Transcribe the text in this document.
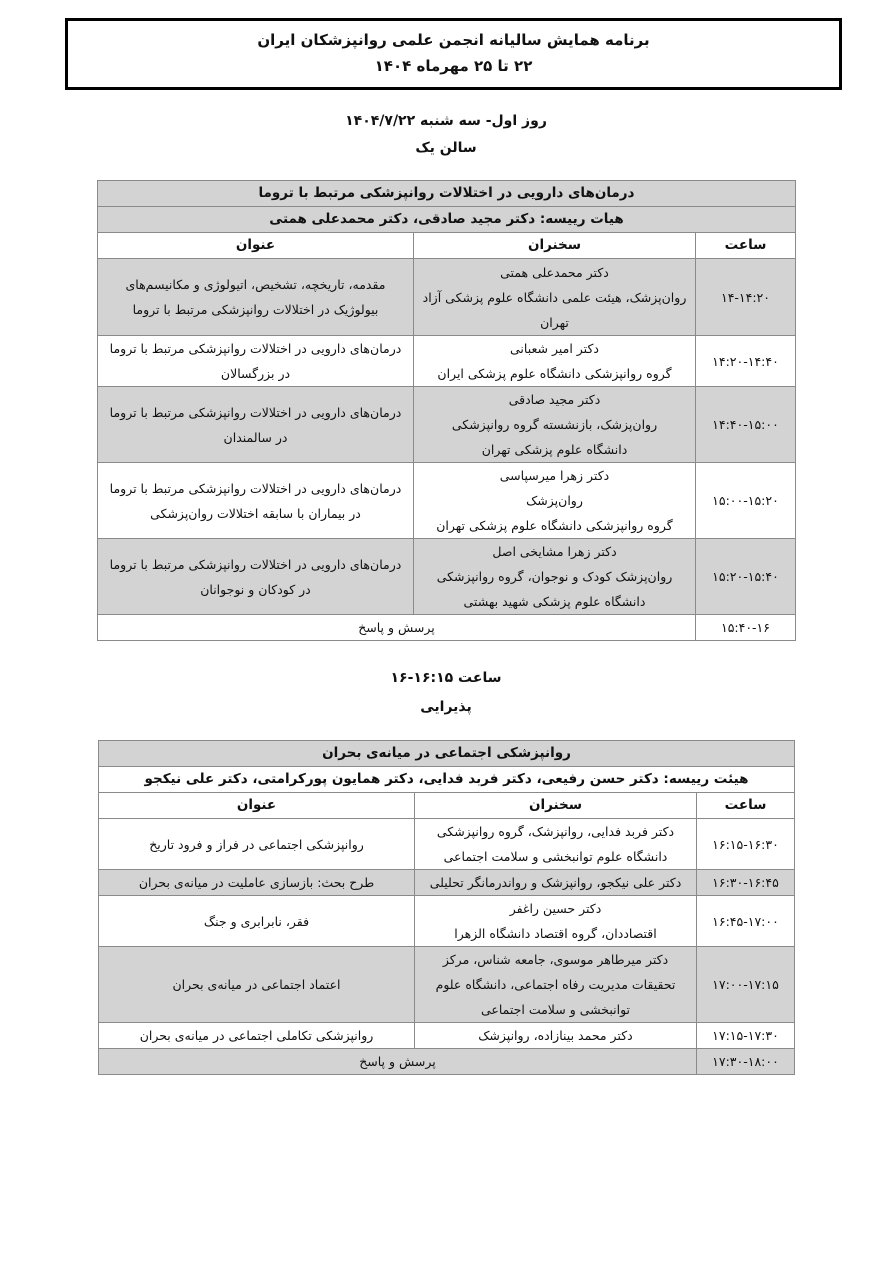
برنامه همایش سالیانه انجمن علمی روانپزشکان ایران
۲۲ تا ۲۵ مهرماه ۱۴۰۴
روز اول- سه شنبه ۱۴۰۴/۷/۲۲
سالن یک
درمان‌های دارویی در اختلالات روانپزشکی مرتبط با تروما		
هیات رییسه: دکتر مجید صادقی، دکتر محمدعلی همتی		
ساعت	سخنران	عنوان
۱۴-۱۴:۲۰	دکتر محمدعلی همتی
روان‌پزشک، هیئت علمی دانشگاه علوم پزشکی آزاد
تهران	مقدمه، تاریخچه، تشخیص، اتیولوژی و مکانیسم‌های
بیولوژیک در اختلالات روانپزشکی مرتبط با تروما

۱۴:۲۰-۱۴:۴۰	دکتر امیر شعبانی
گروه روانپزشکی دانشگاه علوم پزشکی ایران	درمان‌های دارویی در اختلالات روانپزشکی مرتبط با تروما
در بزرگسالان

۱۴:۴۰-۱۵:۰۰	دکتر مجید صادقی
روان‌پزشک، بازنشسته گروه روانپزشکی
دانشگاه علوم پزشکی تهران	درمان‌های دارویی در اختلالات روانپزشکی مرتبط با تروما
در سالمندان

۱۵:۰۰-۱۵:۲۰	دکتر زهرا میرسپاسی
روان‌پزشک
گروه روانپزشکی دانشگاه علوم پزشکی تهران	درمان‌های دارویی در اختلالات روانپزشکی مرتبط با تروما
در بیماران با سابقه اختلالات روان‌پزشکی

۱۵:۲۰-۱۵:۴۰	دکتر زهرا مشایخی اصل
روان‌پزشک کودک و نوجوان، گروه روانپزشکی
دانشگاه علوم پزشکی شهید بهشتی	درمان‌های دارویی در اختلالات روانپزشکی مرتبط با تروما
در کودکان و نوجوانان

۱۵:۴۰-۱۶	پرسش و پاسخ	
ساعت ۱۶:۱۵-۱۶
پذیرایی
روانپزشکی اجتماعی در میانه‌ی بحران		
هیئت رییسه: دکتر حسن رفیعی، دکتر فربد فدایی، دکتر همایون پورکرامتی، دکتر علی نیکجو		
ساعت	سخنران	عنوان
۱۶:۱۵-۱۶:۳۰	دکتر فربد فدایی، روانپزشک، گروه روانپزشکی
دانشگاه علوم توانبخشی و سلامت اجتماعی	روانپزشکی اجتماعی در فراز و فرود تاریخ

۱۶:۳۰-۱۶:۴۵	دکتر علی نیکجو، روانپزشک و رواندرمانگر تحلیلی	طرح بحث: بازسازی عاملیت در میانه‌ی بحران

۱۶:۴۵-۱۷:۰۰	دکتر حسین راغفر
اقتصاددان، گروه اقتصاد دانشگاه الزهرا	فقر، نابرابری و جنگ

۱۷:۰۰-۱۷:۱۵	دکتر میرطاهر موسوی، جامعه شناس، مرکز
تحقیقات مدیریت رفاه اجتماعی، دانشگاه علوم
توانبخشی و سلامت اجتماعی	اعتماد اجتماعی در میانه‌ی بحران

۱۷:۱۵-۱۷:۳۰	دکتر محمد بینازاده، روانپزشک	روانپزشکی تکاملی اجتماعی در میانه‌ی بحران

۱۷:۳۰-۱۸:۰۰	پرسش و پاسخ	
